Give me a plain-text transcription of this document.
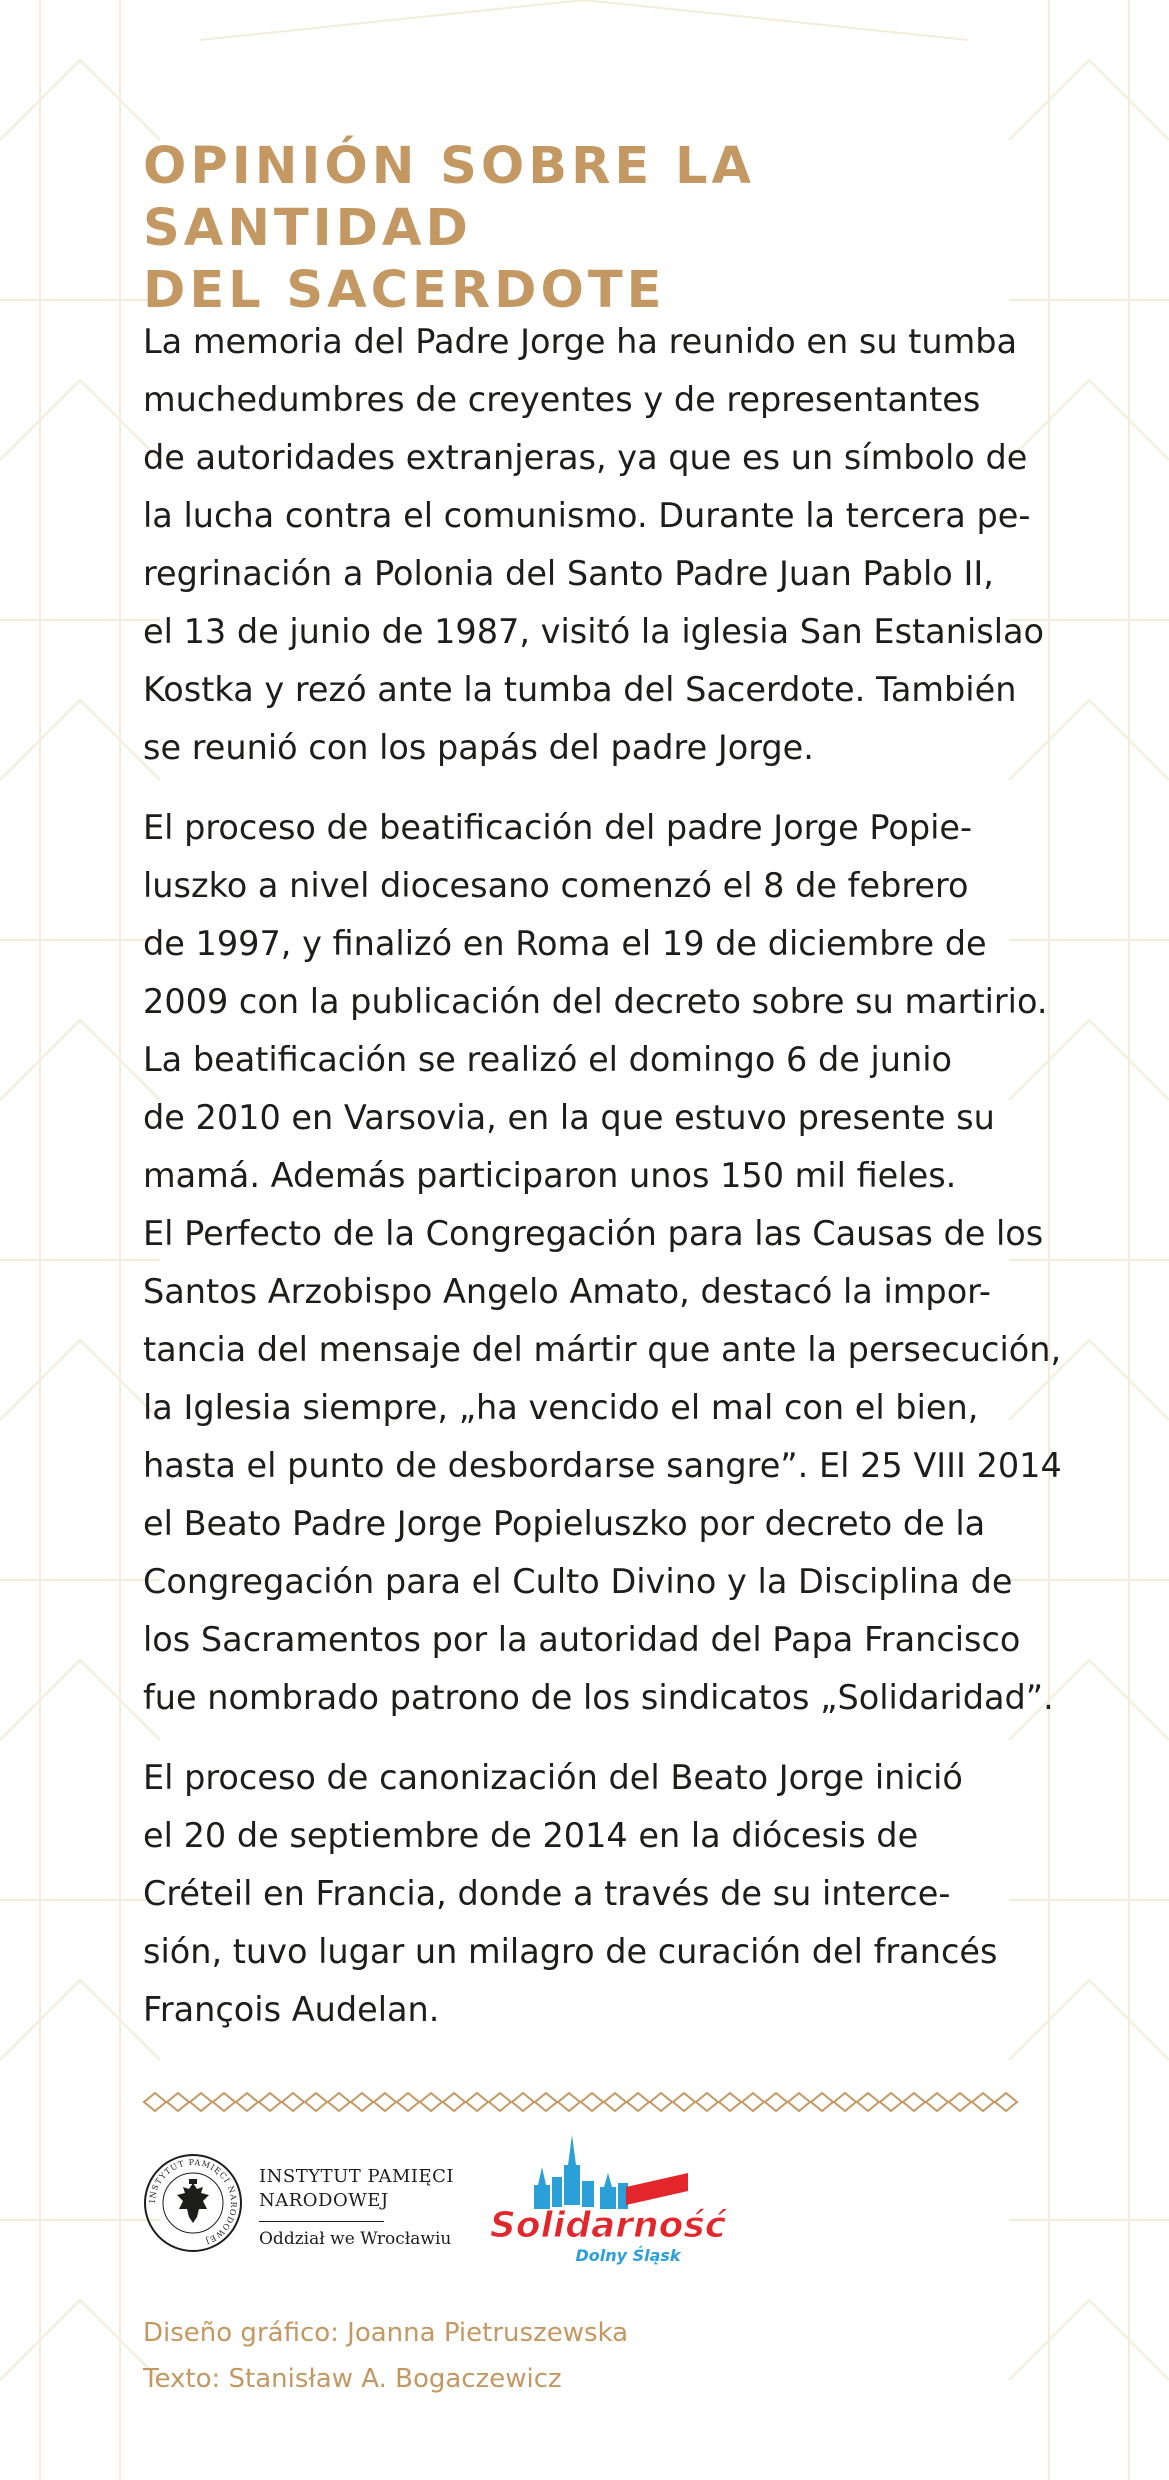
OPINIÓN SOBRE LA SANTIDAD
DEL SACERDOTE
La memoria del Padre Jorge ha reunido en su tumba
muchedumbres de creyentes y de representantes
de autoridades extranjeras, ya que es un símbolo de
la lucha contra el comunismo. Durante la tercera pe-
regrinación a Polonia del Santo Padre Juan Pablo II,
el 13 de junio de 1987, visitó la iglesia San Estanislao
Kostka y rezó ante la tumba del Sacerdote. También
se reunió con los papás del padre Jorge.
El proceso de beatificación del padre Jorge Popie-
luszko a nivel diocesano comenzó el 8 de febrero
de 1997, y finalizó en Roma el 19 de diciembre de
2009 con la publicación del decreto sobre su martirio.
La beatificación se realizó el domingo 6 de junio
de 2010 en Varsovia, en la que estuvo presente su
mamá. Además participaron unos 150 mil fieles.
El Perfecto de la Congregación para las Causas de los
Santos Arzobispo Angelo Amato, destacó la impor-
tancia del mensaje del mártir que ante la persecución,
la Iglesia siempre, „ha vencido el mal con el bien,
hasta el punto de desbordarse sangre”. El 25 VIII 2014
el Beato Padre Jorge Popieluszko por decreto de la
Congregación para el Culto Divino y la Disciplina de
los Sacramentos por la autoridad del Papa Francisco
fue nombrado patrono de los sindicatos „Solidaridad”.
El proceso de canonización del Beato Jorge inició
el 20 de septiembre de 2014 en la diócesis de
Créteil en Francia, donde a través de su interce-
sión, tuvo lugar un milagro de curación del francés
François Audelan.
INSTYTUT PAMIĘCI NARODOWEJ
INSTYTUT PAMIĘCI
NARODOWEJ
Oddział we Wrocławiu Solidarność
Dolny Śląsk
Diseño gráfico: Joanna Pietruszewska
Texto: Stanisław A. Bogaczewicz
